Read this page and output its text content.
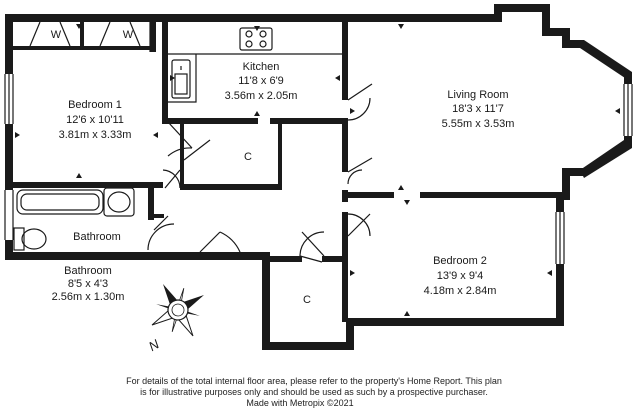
N
W	W
Bedroom 1
12'6 x 10'11
3.81m x 3.33m
Kitchen
11'8 x 6'9
3.56m x 2.05m	Living Room
18'3 x 11'7
5.55m x 3.53m
C
C
Bathroom
Bathroom
8'5 x 4'3
2.56m x 1.30m
Bedroom 2
13'9 x 9'4
4.18m x 2.84m
For details of the total internal floor area, please refer to the property's Home Report. This plan
is for illustrative purposes only and should be used as such by a prospective purchaser.
Made with Metropix ©2021
